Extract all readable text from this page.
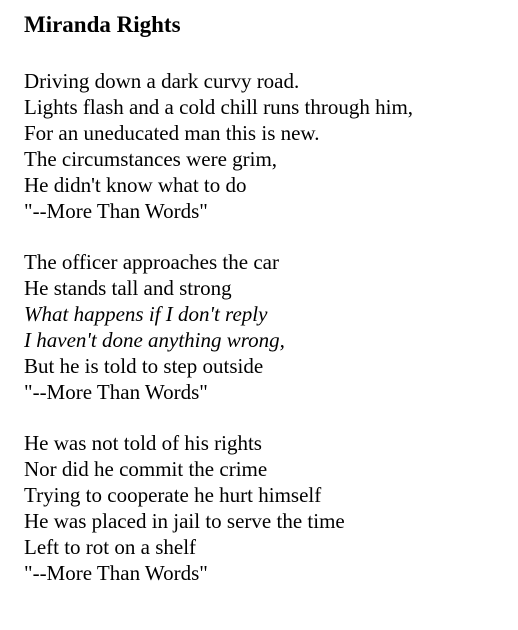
Miranda Rights
Driving down a dark curvy road.
Lights flash and a cold chill runs through him,
For an uneducated man this is new.
The circumstances were grim,
He didn't know what to do
"--More Than Words"
The officer approaches the car
He stands tall and strong
What happens if I don't reply
I haven't done anything wrong,
But he is told to step outside
"--More Than Words"
He was not told of his rights
Nor did he commit the crime
Trying to cooperate he hurt himself
He was placed in jail to serve the time
Left to rot on a shelf
"--More Than Words"
